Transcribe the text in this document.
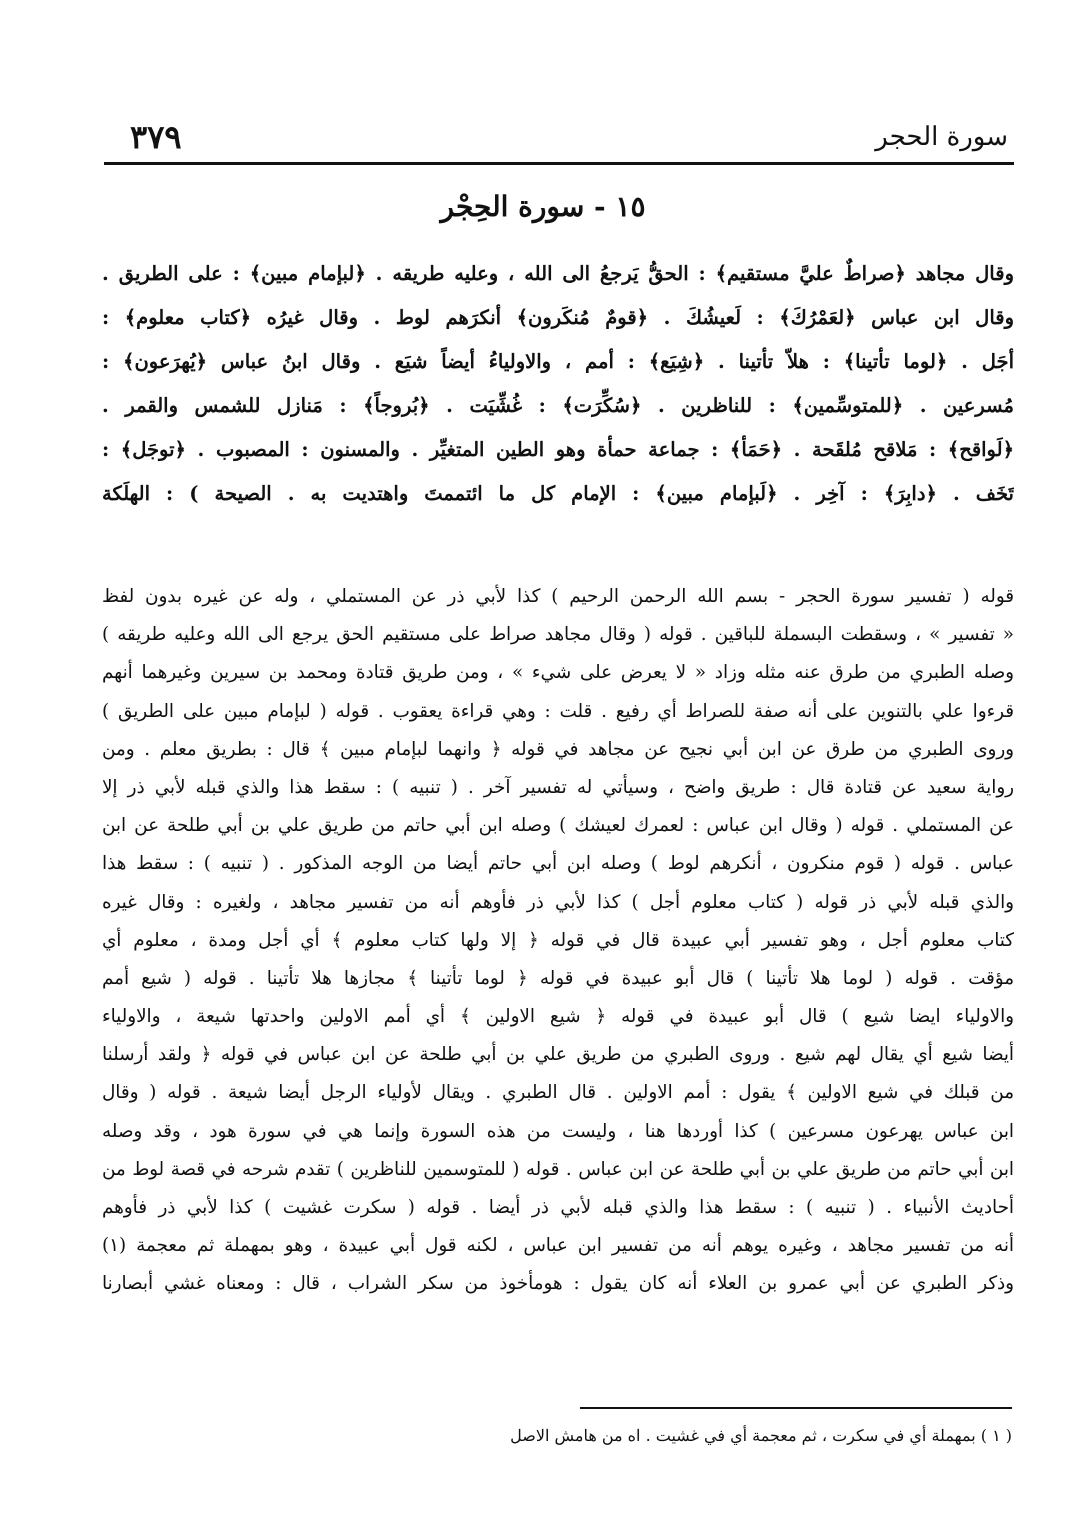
سورة الحجر
٣٧٩
١٥ - سورة الحِجْر
وقال مجاهد ﴿صراطٌ عليَّ مستقيم﴾ : الحقُّ يَرجعُ الى الله ، وعليه طريقه . ﴿لبإمام مبين﴾ : على الطريق .
وقال ابن عباس ﴿لعَمْرُكَ﴾ : لَعيشُكَ . ﴿قومٌ مُنكَرون﴾ أنكرَهم لوط . وقال غيرُه ﴿كتاب معلوم﴾ :
أجَل . ﴿لوما تأتينا﴾ : هلاّ تأتينا . ﴿شِيَع﴾ : أمم ، والاولياءُ أيضاً شيَع . وقال ابنُ عباس ﴿يُهرَعون﴾ :
مُسرعين . ﴿للمتوسِّمين﴾ : للناظرين . ﴿سُكِّرَت﴾ : غُشِّيَت . ﴿بُروجاً﴾ : مَنازل للشمس والقمر .
﴿لَواقح﴾ : مَلاقح مُلقَحة . ﴿حَمَأ﴾ : جماعة حمأة وهو الطين المتغيِّر . والمسنون : المصبوب . ﴿توجَل﴾ :
تَخَف . ﴿دابِرَ﴾ : آخِر . ﴿لَبإمام مبين﴾ : الإمام كل ما ائتممتَ واهتديت به . الصيحة ) : الهلَكة
قوله ( تفسير سورة الحجر - بسم الله الرحمن الرحيم ) كذا لأبي ذر عن المستملي ، وله عن غيره بدون لفظ
« تفسير » ، وسقطت البسملة للباقين . قوله ( وقال مجاهد صراط على مستقيم الحق يرجع الى الله وعليه طريقه )
وصله الطبري من طرق عنه مثله وزاد « لا يعرض على شيء » ، ومن طريق قتادة ومحمد بن سيرين وغيرهما أنهم
قرءوا علي بالتنوين على أنه صفة للصراط أي رفيع . قلت : وهي قراءة يعقوب . قوله ( لبإمام مبين على الطريق )
وروى الطبري من طرق عن ابن أبي نجيح عن مجاهد في قوله ﴿ وانهما لبإمام مبين ﴾ قال : بطريق معلم . ومن
رواية سعيد عن قتادة قال : طريق واضح ، وسيأتي له تفسير آخر . ( تنبيه ) : سقط هذا والذي قبله لأبي ذر إلا
عن المستملي . قوله ( وقال ابن عباس : لعمرك لعيشك ) وصله ابن أبي حاتم من طريق علي بن أبي طلحة عن ابن
عباس . قوله ( قوم منكرون ، أنكرهم لوط ) وصله ابن أبي حاتم أيضا من الوجه المذكور . ( تنبيه ) : سقط هذا
والذي قبله لأبي ذر قوله ( كتاب معلوم أجل ) كذا لأبي ذر فأوهم أنه من تفسير مجاهد ، ولغيره : وقال غيره
كتاب معلوم أجل ، وهو تفسير أبي عبيدة قال في قوله ﴿ إلا ولها كتاب معلوم ﴾ أي أجل ومدة ، معلوم أي
مؤقت . قوله ( لوما هلا تأتينا ) قال أبو عبيدة في قوله ﴿ لوما تأتينا ﴾ مجازها هلا تأتينا . قوله ( شيع أمم
والاولياء ايضا شيع ) قال أبو عبيدة في قوله ﴿ شيع الاولين ﴾ أي أمم الاولين واحدتها شيعة ، والاولياء
أيضا شيع أي يقال لهم شيع . وروى الطبري من طريق علي بن أبي طلحة عن ابن عباس في قوله ﴿ ولقد أرسلنا
من قبلك في شيع الاولين ﴾ يقول : أمم الاولين . قال الطبري . ويقال لأولياء الرجل أيضا شيعة . قوله ( وقال
ابن عباس يهرعون مسرعين ) كذا أوردها هنا ، وليست من هذه السورة وإنما هي في سورة هود ، وقد وصله
ابن أبي حاتم من طريق علي بن أبي طلحة عن ابن عباس . قوله ( للمتوسمين للناظرين ) تقدم شرحه في قصة لوط من
أحاديث الأنبياء . ( تنبيه ) : سقط هذا والذي قبله لأبي ذر أيضا . قوله ( سكرت غشيت ) كذا لأبي ذر فأوهم
أنه من تفسير مجاهد ، وغيره يوهم أنه من تفسير ابن عباس ، لكنه قول أبي عبيدة ، وهو بمهملة ثم معجمة (١)
وذكر الطبري عن أبي عمرو بن العلاء أنه كان يقول : هومأخوذ من سكر الشراب ، قال : ومعناه غشي أبصارنا
( ١ ) بمهملة أي في سكرت ، ثم معجمة أي في غشيت . اه من هامش الاصل
